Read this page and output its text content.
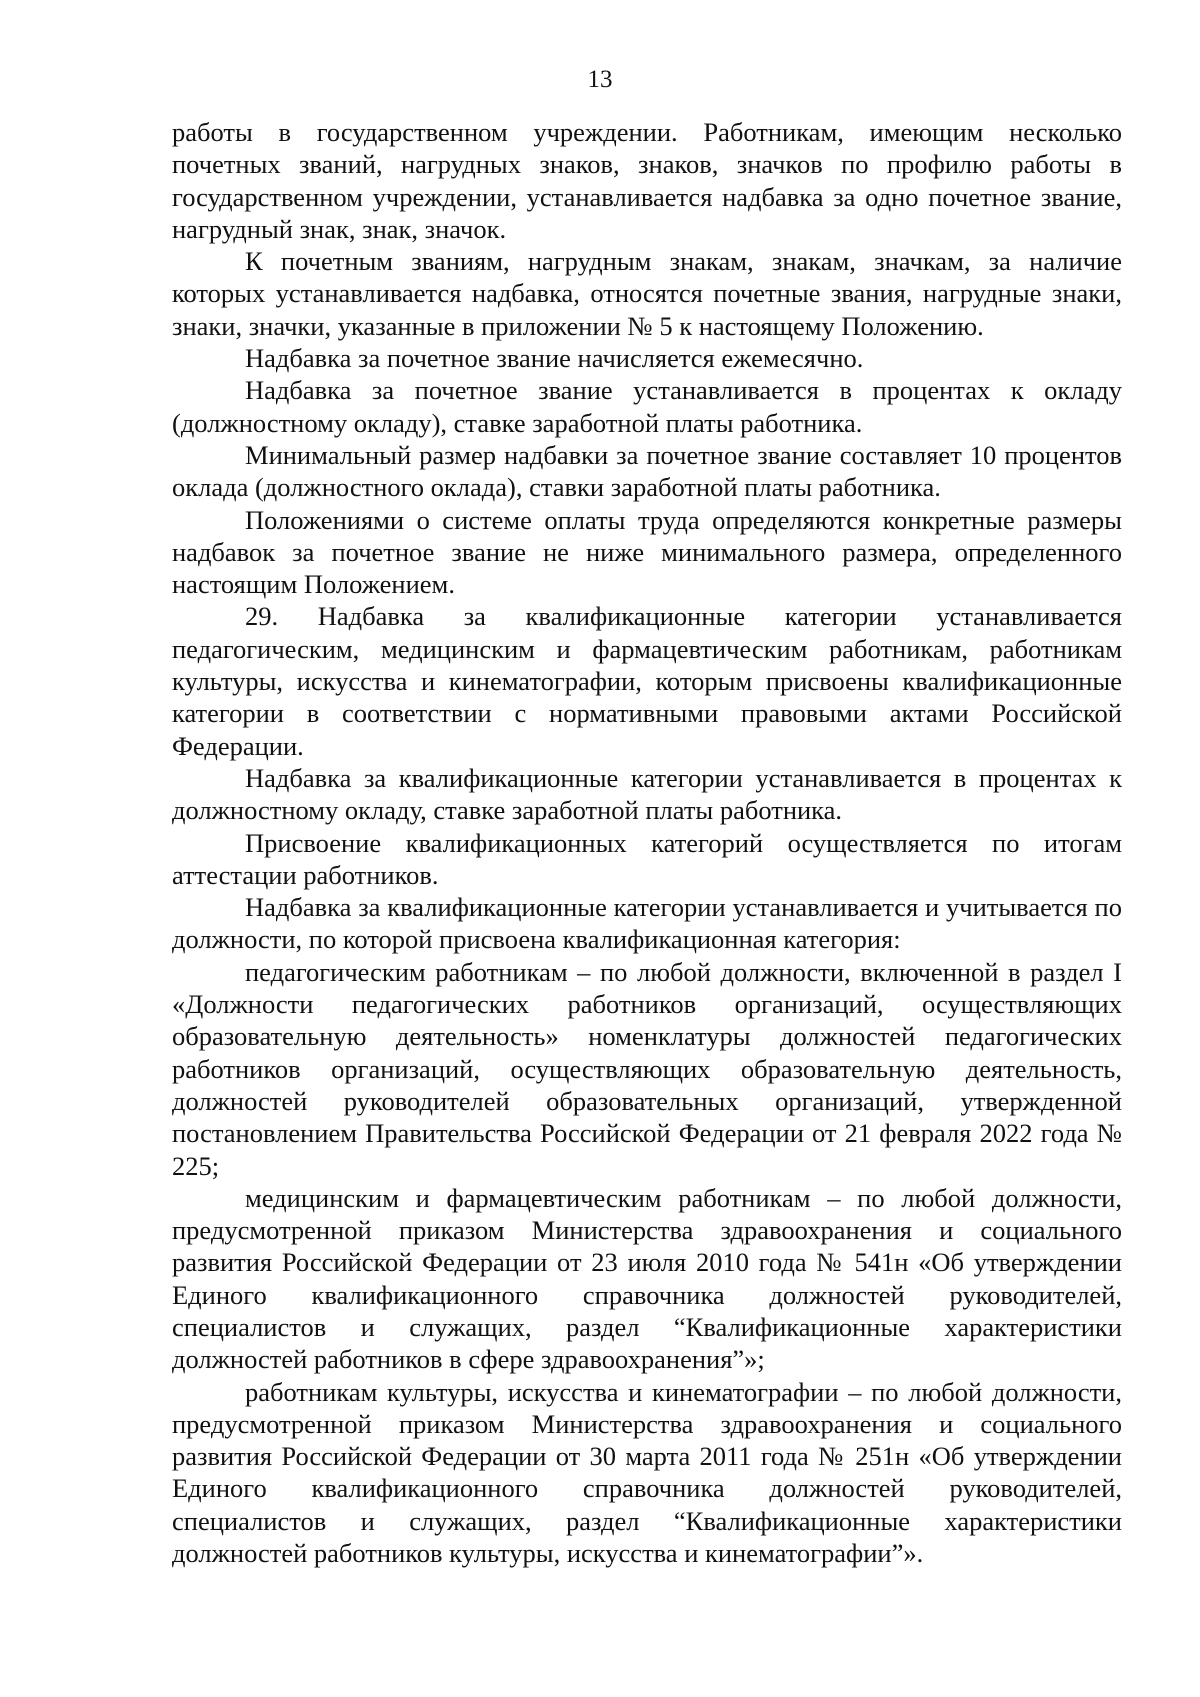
13

работы в государственном учреждении. Работникам, имеющим несколько почетных званий, нагрудных знаков, знаков, значков по профилю работы в государственном учреждении, устанавливается надбавка за одно почетное звание, нагрудный знак, знак, значок.

К почетным званиям, нагрудным знакам, знакам, значкам, за наличие которых устанавливается надбавка, относятся почетные звания, нагрудные знаки, знаки, значки, указанные в приложении № 5 к настоящему Положению.

Надбавка за почетное звание начисляется ежемесячно.

Надбавка за почетное звание устанавливается в процентах к окладу (должностному окладу), ставке заработной платы работника.

Минимальный размер надбавки за почетное звание составляет 10 процентов оклада (должностного оклада), ставки заработной платы работника.

Положениями о системе оплаты труда определяются конкретные размеры надбавок за почетное звание не ниже минимального размера, определенного настоящим Положением.

29. Надбавка за квалификационные категории устанавливается педагогическим, медицинским и фармацевтическим работникам, работникам культуры, искусства и кинематографии, которым присвоены квалификационные категории в соответствии с нормативными правовыми актами Российской Федерации.

Надбавка за квалификационные категории устанавливается в процентах к должностному окладу, ставке заработной платы работника.

Присвоение квалификационных категорий осуществляется по итогам аттестации работников.

Надбавка за квалификационные категории устанавливается и учитывается по должности, по которой присвоена квалификационная категория:

педагогическим работникам – по любой должности, включенной в раздел I «Должности педагогических работников организаций, осуществляющих образовательную деятельность» номенклатуры должностей педагогических работников организаций, осуществляющих образовательную деятельность, должностей руководителей образовательных организаций, утвержденной постановлением Правительства Российской Федерации от 21 февраля 2022 года № 225;

медицинским и фармацевтическим работникам – по любой должности, предусмотренной приказом Министерства здравоохранения и социального развития Российской Федерации от 23 июля 2010 года № 541н «Об утверждении Единого квалификационного справочника должностей руководителей, специалистов и служащих, раздел “Квалификационные характеристики должностей работников в сфере здравоохранения”»;

работникам культуры, искусства и кинематографии – по любой должности, предусмотренной приказом Министерства здравоохранения и социального развития Российской Федерации от 30 марта 2011 года № 251н «Об утверждении Единого квалификационного справочника должностей руководителей, специалистов и служащих, раздел “Квалификационные характеристики должностей работников культуры, искусства и кинематографии”».
